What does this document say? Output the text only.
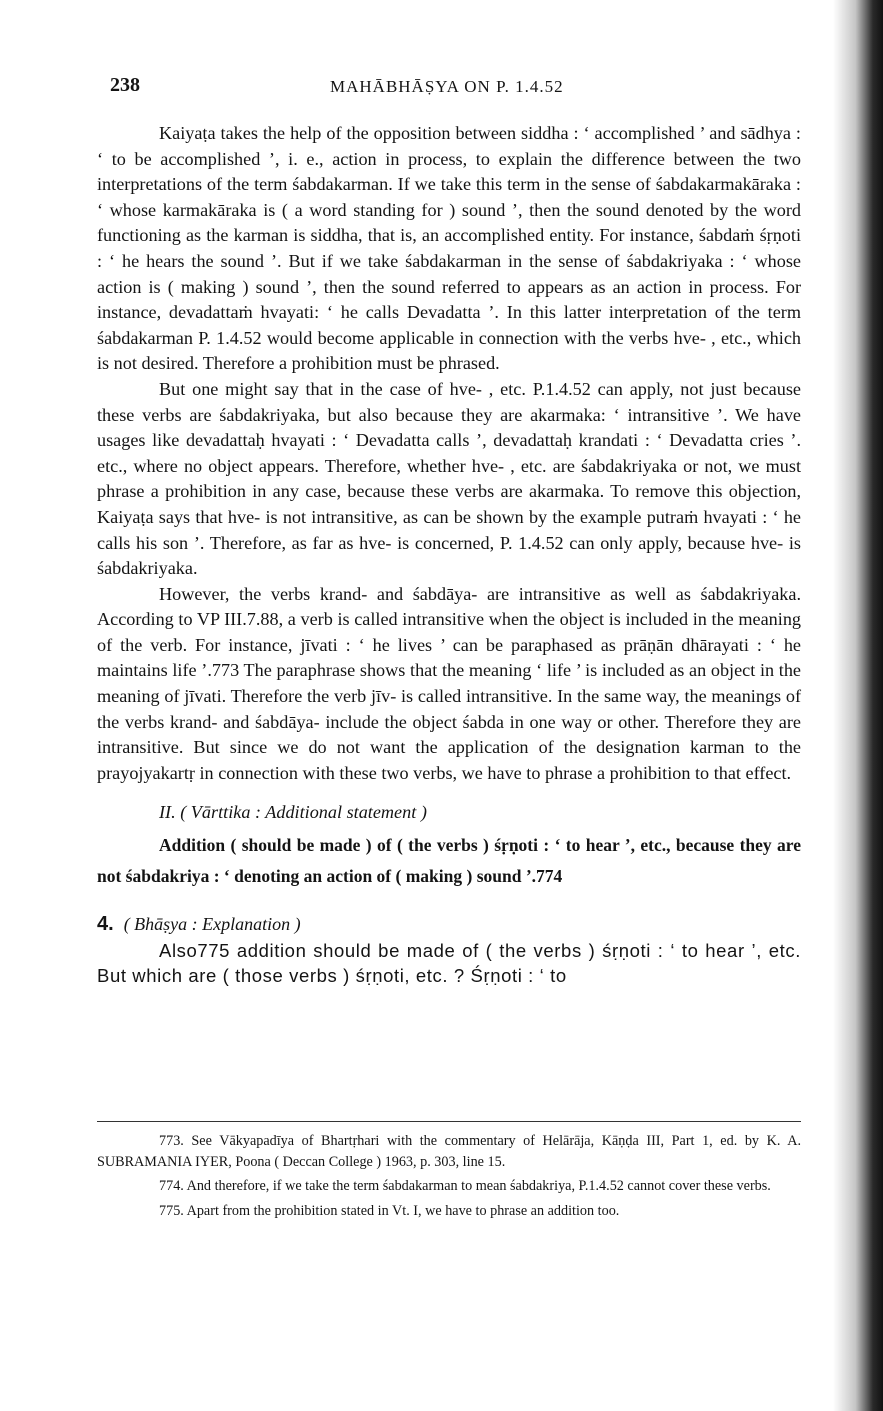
238	MAHĀBHĀṢYA ON P. 1.4.52

Kaiyaṭa takes the help of the opposition between siddha : ‘ accomplished ’ and sādhya : ‘ to be accomplished ’, i. e., action in process, to explain the difference between the two interpretations of the term śabdakarman. If we take this term in the sense of śabdakarmakāraka : ‘ whose karmakāraka is ( a word standing for ) sound ’, then the sound denoted by the word functioning as the karman is siddha, that is, an accomplished entity. For instance, śabdaṁ śṛṇoti : ‘ he hears the sound ’. But if we take śabdakarman in the sense of śabdakriyaka : ‘ whose action is ( making ) sound ’, then the sound referred to appears as an action in process. For instance, devadattaṁ hvayati: ‘ he calls Devadatta ’. In this latter interpretation of the term śabdakarman P. 1.4.52 would become applicable in connection with the verbs hve- , etc., which is not desired. Therefore a prohibition must be phrased.

But one might say that in the case of hve- , etc. P.1.4.52 can apply, not just because these verbs are śabdakriyaka, but also because they are akarmaka: ‘ intransitive ’. We have usages like devadattaḥ hvayati : ‘ Devadatta calls ’, devadattaḥ krandati : ‘ Devadatta cries ’. etc., where no object appears. Therefore, whether hve- , etc. are śabdakriyaka or not, we must phrase a prohibition in any case, because these verbs are akarmaka. To remove this objection, Kaiyaṭa says that hve- is not intransitive, as can be shown by the example putraṁ hvayati : ‘ he calls his son ’. Therefore, as far as hve- is concerned, P. 1.4.52 can only apply, because hve- is śabdakriyaka.

However, the verbs krand- and śabdāya- are intransitive as well as śabdakriyaka. According to VP III.7.88, a verb is called intransitive when the object is included in the meaning of the verb. For instance, jīvati : ‘ he lives ’ can be paraphased as prāṇān dhārayati : ‘ he maintains life ’.773 The paraphrase shows that the meaning ‘ life ’ is included as an object in the meaning of jīvati. Therefore the verb jīv- is called intransitive. In the same way, the meanings of the verbs krand- and śabdāya- include the object śabda in one way or other. Therefore they are intransitive. But since we do not want the application of the designation karman to the prayojyakartṛ in connection with these two verbs, we have to phrase a prohibition to that effect.

II. ( Vārttika : Additional statement )

Addition ( should be made ) of ( the verbs ) śṛṇoti : ‘ to hear ’, etc., because they are not śabdakriya : ‘ denoting an action of ( making ) sound ’.774

4. ( Bhāṣya : Explanation )

Also775 addition should be made of ( the verbs ) śṛṇoti : ‘ to hear ’, etc. But which are ( those verbs ) śṛṇoti, etc. ? Śṛṇoti : ‘ to

773. See Vākyapadīya of Bhartṛhari with the commentary of Helārāja, Kāṇḍa III, Part 1, ed. by K. A. SUBRAMANIA IYER, Poona ( Deccan College ) 1963, p. 303, line 15.

774. And therefore, if we take the term śabdakarman to mean śabdakriya, P.1.4.52 cannot cover these verbs.

775. Apart from the prohibition stated in Vt. I, we have to phrase an addition too.
